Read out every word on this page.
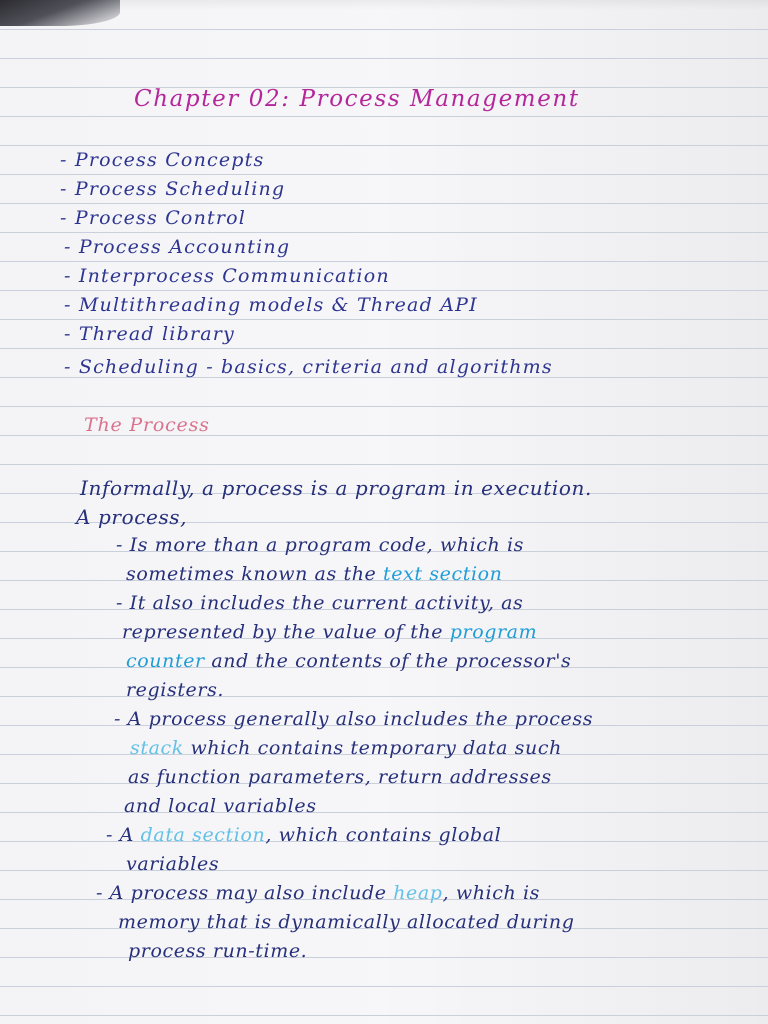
Chapter 02: Process Management
- Process Concepts
- Process Scheduling
- Process Control
- Process Accounting
- Interprocess Communication
- Multithreading models & Thread API
- Thread library
- Scheduling - basics, criteria and algorithms
The Process
Informally, a process is a program in execution.
A process,
- Is more than a program code, which is
sometimes known as the text section
- It also includes the current activity, as
represented by the value of the program
counter and the contents of the processor's
registers.
- A process generally also includes the process
stack which contains temporary data such
as function parameters, return addresses
and local variables
- A data section, which contains global
variables
- A process may also include heap, which is
memory that is dynamically allocated during
process run-time.
